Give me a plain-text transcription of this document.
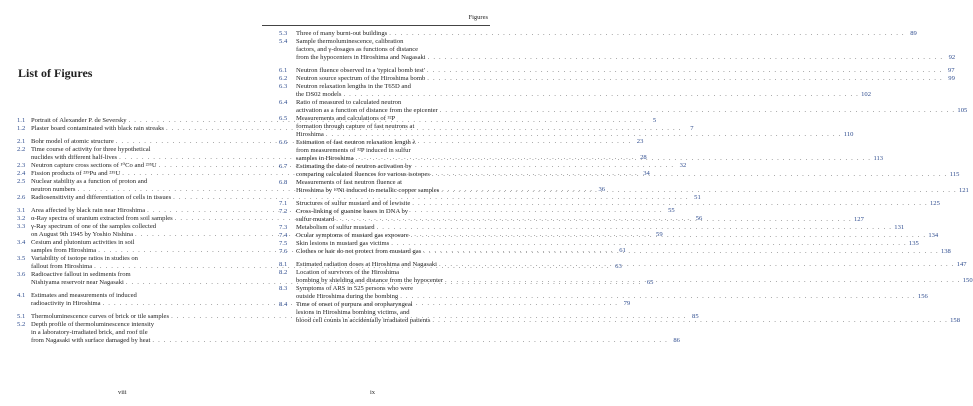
List of Figures
1.1 Portrait of Alexander P. de Seversky . . .	5
1.2 Plaster board contaminated with black rain streaks . . .	7
2.1 Bohr model of atomic structure . . .	23
2.2 Time course of activity for three hypothetical
nuclides with different half-lives . . .	28
2.3 Neutron capture cross sections of ¹⁰Co and ²³⁵U . . .	32
2.4 Fission products of ²³⁹Pu and ²³⁵U . . .	34
2.5 Nuclear stability as a function of proton and
neutron numbers . . .	36
2.6 Radiosensitivity and differentiation of cells in tissues . . .	51
3.1 Area affected by black rain near Hiroshima . . .	55
3.2 α-Ray spectra of uranium extracted from soil samples . . .	56
3.3 γ-Ray spectrum of one of the samples collected
on August 9th 1945 by Yoshio Nishina . . .	59
3.4 Cesium and plutonium activities in soil
samples from Hiroshima . . .	61
3.5 Variability of isotope ratios in studies on
fallout from Hiroshima . . .	63
3.6 Radioactive fallout in sediments from
Nishiyama reservoir near Nagasaki . . .	65
4.1 Estimates and measurements of induced
radioactivity in Hiroshima . . .	79
5.1 Thermoluminescence curves of brick or tile samples . . .	85
5.2 Depth profile of thermoluminescence intensity
in a laboratory-irradiated brick, and roof tile
from Nagasaki with surface damaged by heat . . .	86
viii
Figures
5.3	Three of many burnt-out buildings . . .	89
5.4	Sample thermoluminescence, calibration
factors, and γ-dosages as functions of distance
from the hypocenters in Hiroshima and Nagasaki . . .	92
6.1	Neutron fluence observed in a 'typical bomb test' . . .	97
6.2	Neutron source spectrum of the Hiroshima bomb . . .	99
6.3	Neutron relaxation lengths in the T65D and
the DS02 models . . .	102
6.4	Ratio of measured to calculated neutron
activation as a function of distance from the epicenter . . .	105
6.5	Measurements and calculations of ³²P
formation through capture of fast neutrons at
Hiroshima . . .	110
6.6	Estimation of fast neutron relaxation length λ
from measurements of ³²P induced in sulfur
samples in Hiroshima . . .	113
6.7	Estimating the date of neutron activation by
comparing calculated fluences for various isotopes . . .	115
6.8	Measurements of fast neutron fluence at
Hiroshima by ⁶³Ni induced in metallic copper samples . . .	121
7.1	Structures of sulfur mustard and of lewisite . . .	125
7.2	Cross-linking of guanine bases in DNA by
sulfur mustard . . .	127
7.3	Metabolism of sulfur mustard . . .	131
7.4	Ocular symptoms of mustard gas exposure . . .	134
7.5	Skin lesions in mustard gas victims . . .	135
7.6	Clothes or hair do not protect from mustard gas . . .	138
8.1	Estimated radiation doses at Hiroshima and Nagasaki . . .	147
8.2	Location of survivors of the Hiroshima
bombing by shielding and distance from the hypocenter . . .	150
8.3	Symptoms of ARS in 525 persons who were
outside Hiroshima during the bombing . . .	156
8.4	Time of onset of purpura and oropharyngeal
lesions in Hiroshima bombing victims, and
blood cell counts in accidentally irradiated patients . . .	158
ix
